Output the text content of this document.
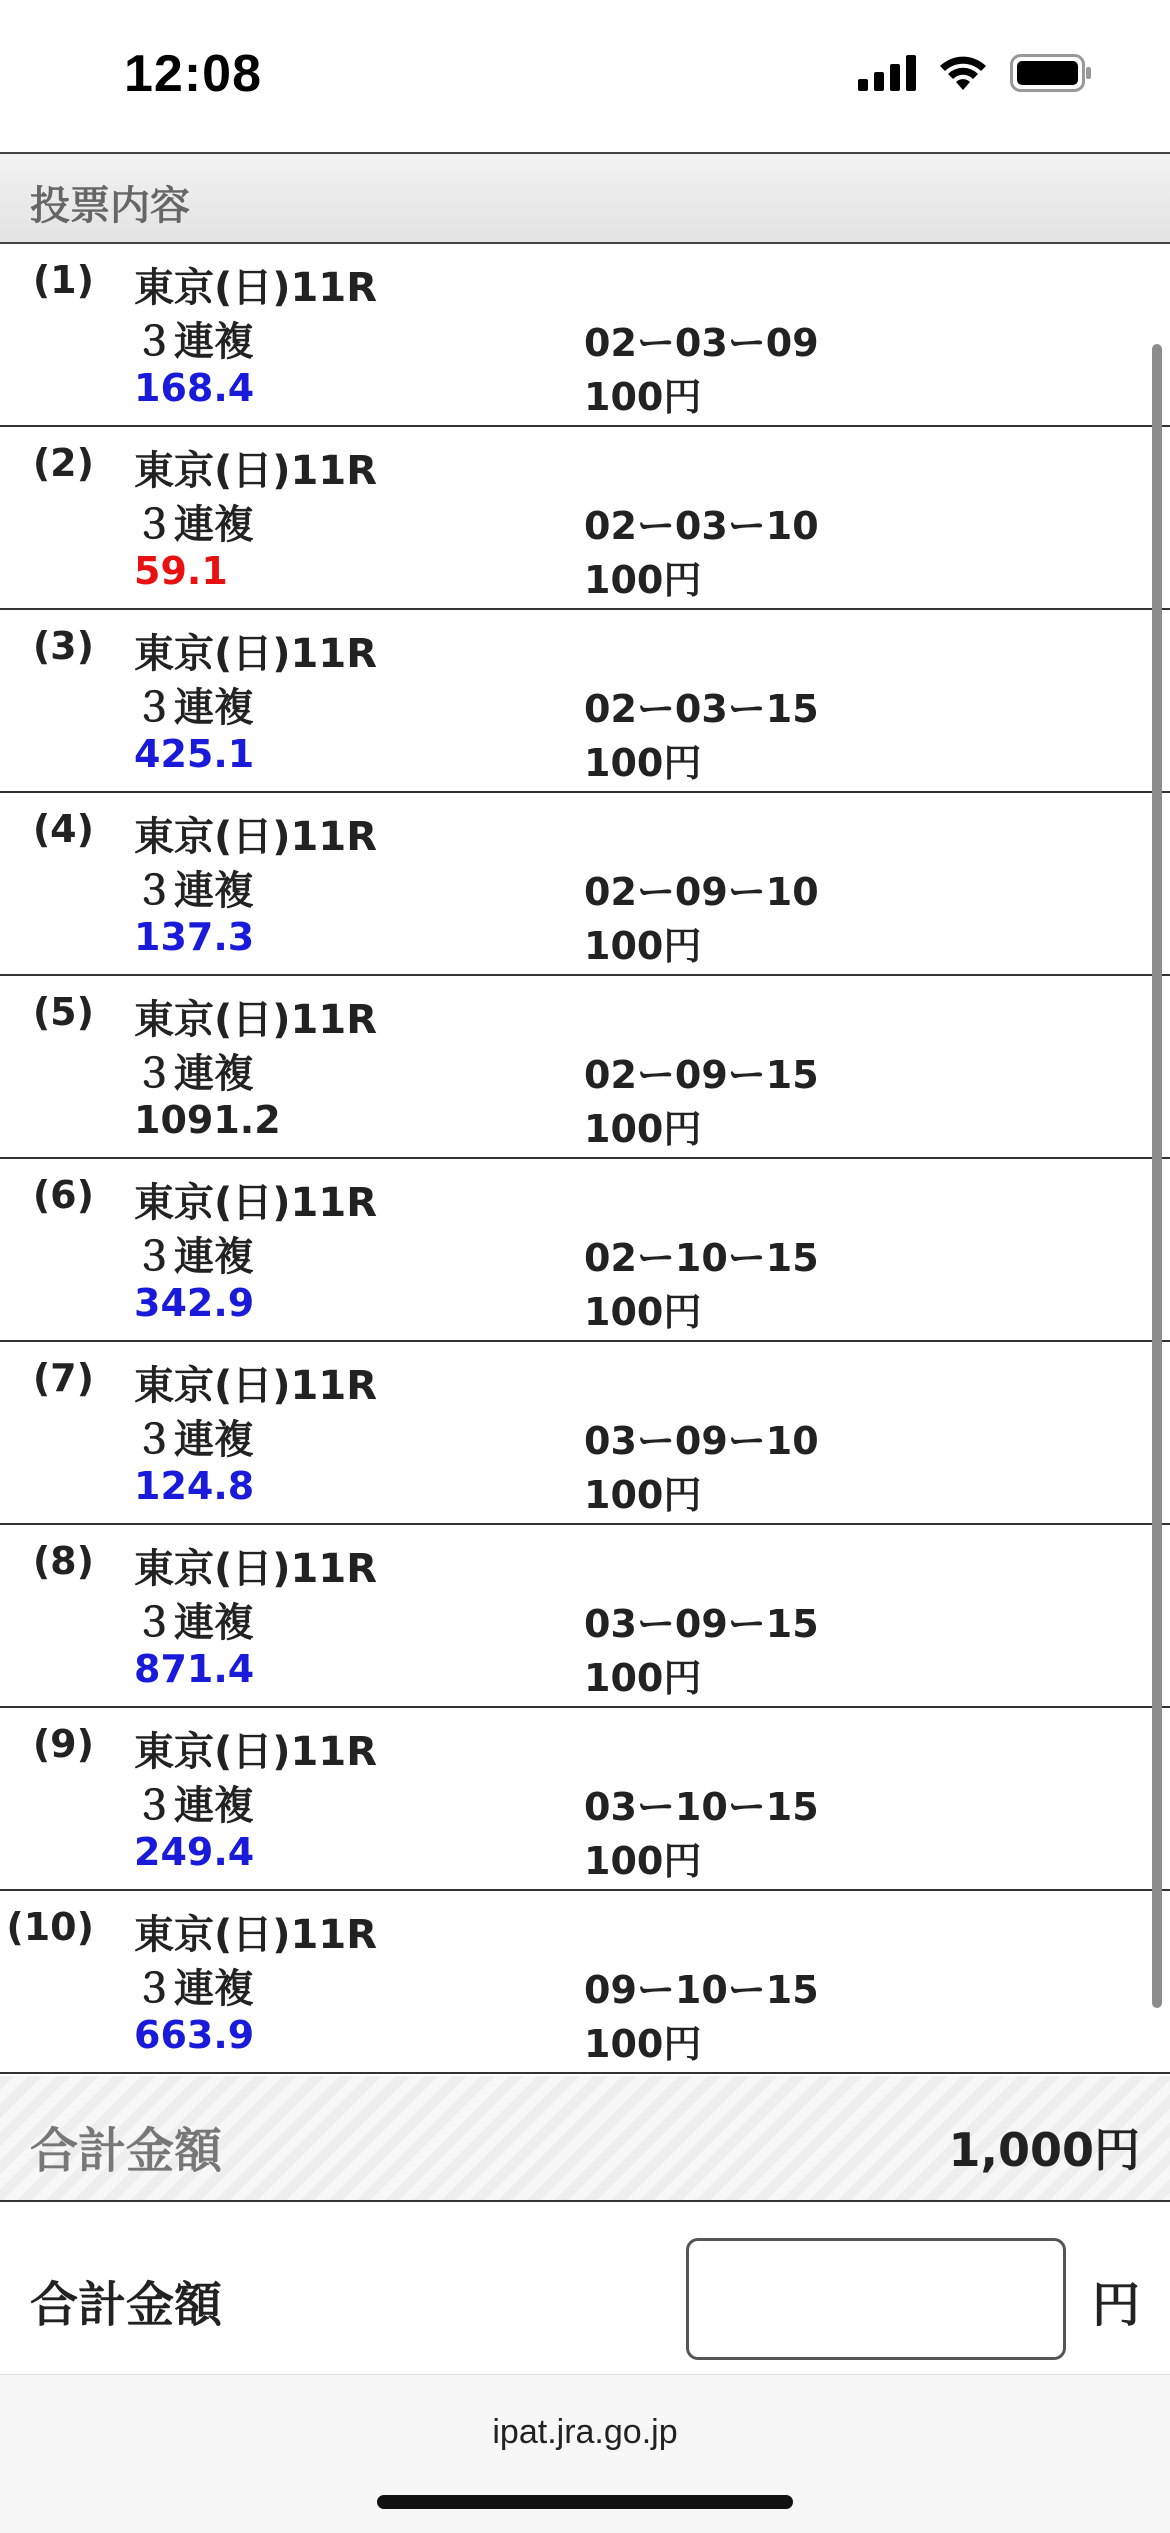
12:08
投票内容
(1) 東京(日)11R
３連複	02ー03ー09
168.4	100円
(2) 東京(日)11R
３連複	02ー03ー10
59.1	100円
(3) 東京(日)11R
３連複	02ー03ー15
425.1	100円
(4) 東京(日)11R
３連複	02ー09ー10
137.3	100円
(5) 東京(日)11R
３連複	02ー09ー15
1091.2	100円
(6) 東京(日)11R
３連複	02ー10ー15
342.9	100円
(7) 東京(日)11R
３連複	03ー09ー10
124.8	100円
(8) 東京(日)11R
３連複	03ー09ー15
871.4	100円
(9) 東京(日)11R
３連複	03ー10ー15
249.4	100円
(10) 東京(日)11R
３連複	09ー10ー15
663.9	100円
合計金額	1,000円
合計金額	円
ipat.jra.go.jp
